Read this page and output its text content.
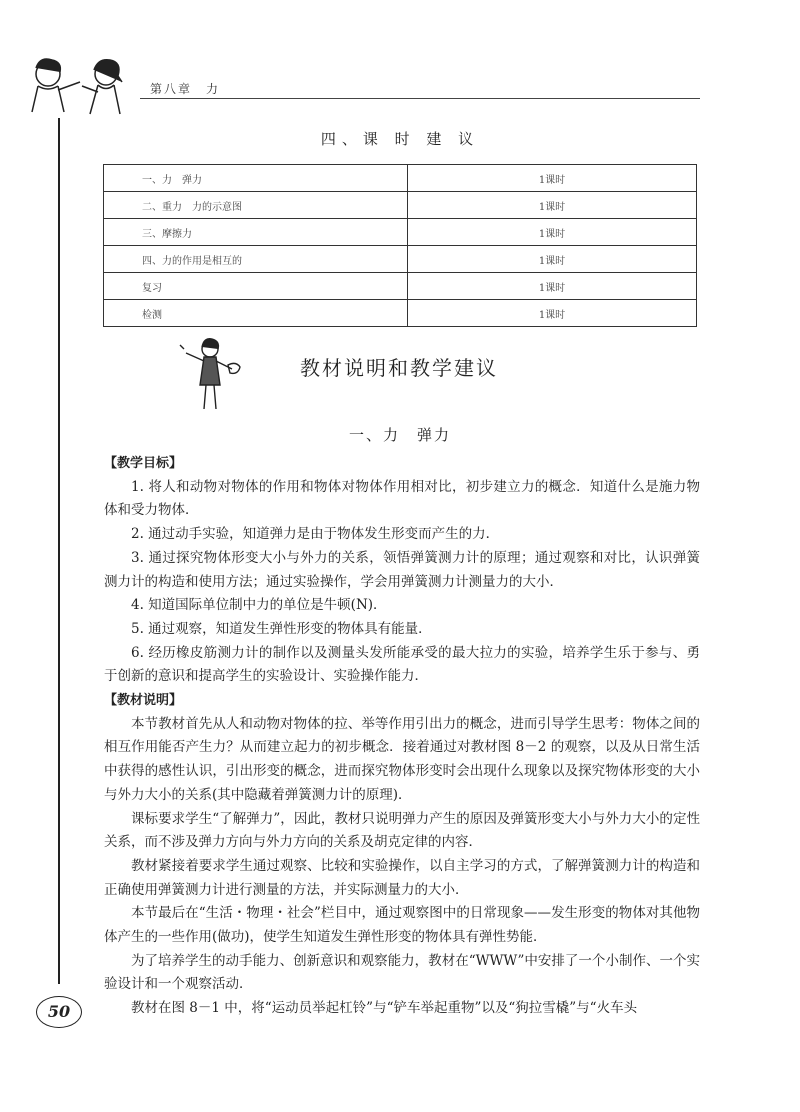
第八章　力
四、课 时 建 议
一、力　弹力	1课时
二、重力　力的示意图	1课时
三、摩擦力	1课时
四、力的作用是相互的	1课时
复习	1课时
检测	1课时
教材说明和教学建议
一、力　弹力

【教学目标】

1. 将人和动物对物体的作用和物体对物体作用相对比，初步建立力的概念．知道什么是施力物体和受力物体．

2. 通过动手实验，知道弹力是由于物体发生形变而产生的力．

3. 通过探究物体形变大小与外力的关系，领悟弹簧测力计的原理；通过观察和对比，认识弹簧测力计的构造和使用方法；通过实验操作，学会用弹簧测力计测量力的大小．

4. 知道国际单位制中力的单位是牛顿(N)．

5. 通过观察，知道发生弹性形变的物体具有能量．

6. 经历橡皮筋测力计的制作以及测量头发所能承受的最大拉力的实验，培养学生乐于参与、勇于创新的意识和提高学生的实验设计、实验操作能力．

【教材说明】

本节教材首先从人和动物对物体的拉、举等作用引出力的概念，进而引导学生思考：物体之间的相互作用能否产生力？从而建立起力的初步概念．接着通过对教材图 8－2 的观察，以及从日常生活中获得的感性认识，引出形变的概念，进而探究物体形变时会出现什么现象以及探究物体形变的大小与外力大小的关系(其中隐藏着弹簧测力计的原理)．

课标要求学生“了解弹力”，因此，教材只说明弹力产生的原因及弹簧形变大小与外力大小的定性关系，而不涉及弹力方向与外力方向的关系及胡克定律的内容．

教材紧接着要求学生通过观察、比较和实验操作，以自主学习的方式，了解弹簧测力计的构造和正确使用弹簧测力计进行测量的方法，并实际测量力的大小．

本节最后在“生活・物理・社会”栏目中，通过观察图中的日常现象——发生形变的物体对其他物体产生的一些作用(做功)，使学生知道发生弹性形变的物体具有弹性势能．

为了培养学生的动手能力、创新意识和观察能力，教材在“WWW”中安排了一个小制作、一个实验设计和一个观察活动．

教材在图 8－1 中，将“运动员举起杠铃”与“铲车举起重物”以及“狗拉雪橇”与“火车头

50
